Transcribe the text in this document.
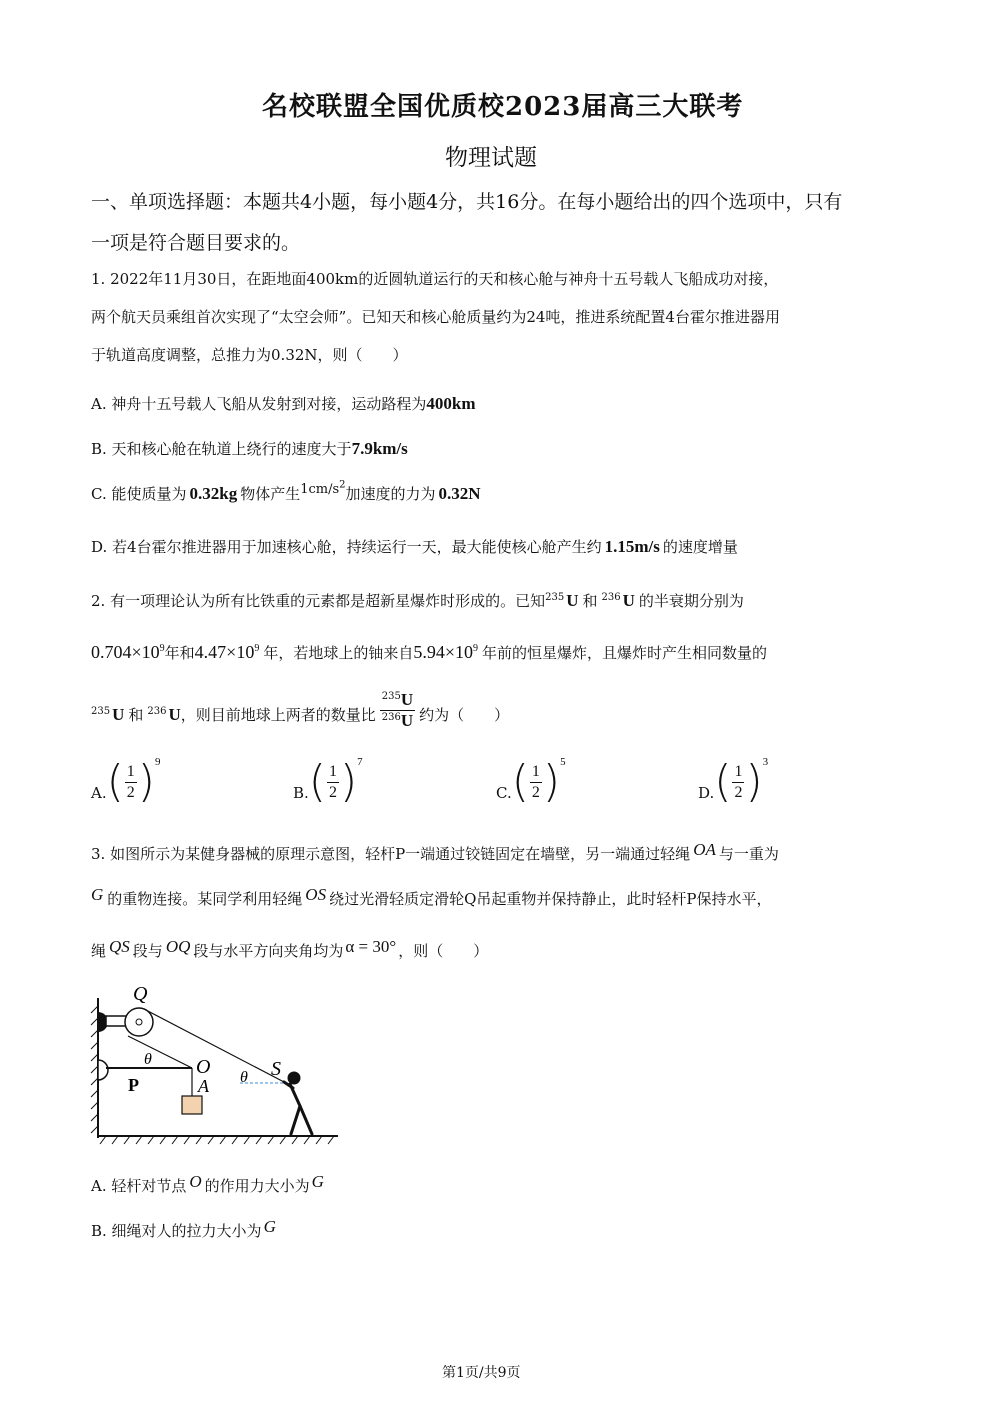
名校联盟全国优质校2023届高三大联考
物理试题
一、单项选择题：本题共4小题，每小题4分，共16分。在每小题给出的四个选项中，只有
一项是符合题目要求的。
1. 2022年11月30日，在距地面400km的近圆轨道运行的天和核心舱与神舟十五号载人飞船成功对接，
两个航天员乘组首次实现了“太空会师”。已知天和核心舱质量约为24吨，推进系统配置4台霍尔推进器用
于轨道高度调整，总推力为0.32N，则（　　）
A. 神舟十五号载人飞船从发射到对接，运动路程为400km
B. 天和核心舱在轨道上绕行的速度大于7.9km/s
C. 能使质量为 0.32kg 物体产生$1cm/s^2$加速度的力为 0.32N
D. 若4台霍尔推进器用于加速核心舱，持续运行一天，最大能使核心舱产生约 1.15m/s 的速度增量
2. 有一项理论认为所有比铁重的元素都是超新星爆炸时形成的。已知$^{235}$ U 和 $^{236}$ U 的半衰期分别为
$0.704\times 10^9$年和$4.47\times 10^9$ 年，若地球上的铀来自$5.94\times 10^9$ 年前的恒星爆炸，且爆炸时产生相同数量的
$^{235}$ U 和 $^{236}$ U ，则目前地球上两者的数量比 $\frac{^{235}U}{^{236}U}$ 约为（　　）
A. ( $\frac{1}{2}$ ) 9
B. ( $\frac{1}{2}$ ) 7
C. ( $\frac{1}{2}$ ) 5
D. ( $\frac{1}{2}$ ) 3
3. 如图所示为某健身器械的原理示意图，轻杆P一端通过铰链固定在墙壁，另一端通过轻绳 OA 与一重为
G 的重物连接。某同学利用轻绳 OS 绕过光滑轻质定滑轮Q吊起重物并保持静止，此时轻杆P保持水平，
绳 QS 段与 OQ 段与水平方向夹角均为 α = 30° ，则（　　）
Q
θ O
P	A θ S
A. 轻杆对节点 O 的作用力大小为 G
B. 细绳对人的拉力大小为 G
第1页/共9页
